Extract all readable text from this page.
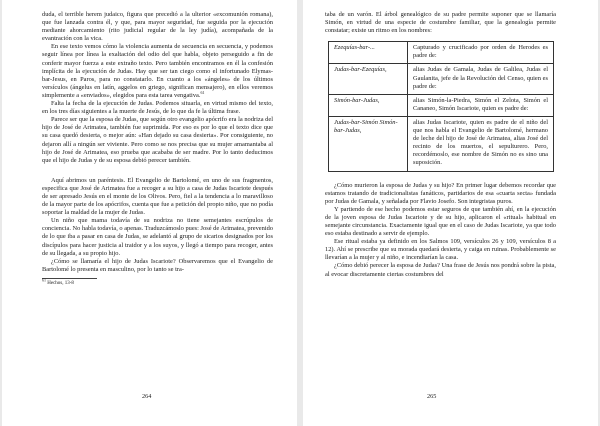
duda, el terrible herem judaico, figura que precedió a la ulterior «excomunión romana), que fue lanzada contra él, y que, para mayor seguridad, fue seguida por la ejecución mediante ahorcamiento (rito judicial regular de la ley judía), acompañada de la evantración con la vica.

En ese texto vemos cómo la violencia aumenta de secuencia en secuencia, y podemos seguir línea por línea la exaltación del odio del que habla, objeto perseguido a fin de conferir mayor fuerza a este extraño texto. Pero también encontramos en él la confesión implícita de la ejecución de Judas. Hay que ser tan ciego como el infortunado Elymas-bar-Jesus, en Paros, para no constatarlo. En cuanto a los «ángeles» de los últimos versículos (ángelus en latín, aggelos en griego, significan mensajero), en ellos veremos simplemente a «enviados», elegidos para esta tarea vengativa.$^{61}$

Falta la fecha de la ejecución de Judas. Podemos situarla, en virtud mismo del texto, en los tres días siguientes a la muerte de Jesús, de lo que da fe la última frase.

Parece ser que la esposa de Judas, que según otro evangelio apócrifo era la nodriza del hijo de José de Arimatea, también fue suprimida. Por eso es por lo que el texto dice que su casa quedó desierta, o mejor aún: «Han dejado su casa desierta». Por consiguiente, no dejaron allí a ningún ser viviente. Pero como se nos precisa que su mujer amamantaba al hijo de José de Arimatea, eso prueba que acababa de ser madre. Por lo tanto deducimos que el hijo de Judas y de su esposa debió perecer también.

Aquí abrimos un paréntesis. El Evangelio de Bartolomé, en uno de sus fragmentos, especifica que José de Arimatea fue a recoger a su hijo a casa de Judas Iscariote después de ser apresado Jesús en el monte de los Olivos. Pero, fiel a la tendencia a lo maravilloso de la mayor parte de los apócrifos, cuenta que fue a petición del propio niño, que no podía soportar la maldad de la mujer de Judas.

Un niño que mama todavía de su nodriza no tiene semejantes escrúpulos de conciencia. No habla todavía, o apenas. Traduzcámoslo pues: José de Arimatea, prevenido de lo que iba a pasar en casa de Judas, se adelantó al grupo de sicarios designados por los discípulos para hacer justicia al traidor y a los suyos, y llegó a tiempo para recoger, antes de su llegada, a su propio hijo.

¿Cómo se llamaría el hijo de Judas Iscariote? Observaremos que el Evangelio de Bartolomé lo presenta en masculino, por lo tanto se tra-

$^{61}$ Hechos, 13-8
264

taba de un varón. El árbol genealógico de su padre permite suponer que se llamaría Simón, en virtud de una especie de costumbre familiar, que la genealogía permite constatar; existe un ritmo en los nombres:

Ezequías-bar-...	Capturado y crucificado por orden de Herodes es padre de:
Judas-bar-Ezequías,	alias Judas de Gamala, Judas de Galilea, Judas el Gaulanita, jefe de la Revolución del Censo, quien es padre de:
Simón-bar-Judas,	alias Simón-la-Piedra, Simón el Zelota, Simón el Cananeo, Simón Iscariote, quien es padre de:
Judas-bar-Simón Simón-bar-Judas,	alias Judas Iscariote, quien es padre de el niño del que nos habla el Evangelio de Bartolomé, hermano de leche del hijo de José de Arimatea, alias José del recinto de los muertos, el sepulturero. Pero, recordémoslo, ese nombre de Simón no es sino una suposición.

¿Cómo murieron la esposa de Judas y su hijo? En primer lugar debemos recordar que estamos tratando de tradicionalistas fanáticos, partidarios de esa «cuarta secta» fundada por Judas de Gamala, y señalada por Flavio Josefo. Son integristas puros.

Y partiendo de ese hecho podemos estar seguros de que también ahí, en la ejecución de la joven esposa de Judas Iscariote y de su hijo, aplicaron el «ritual» habitual en semejante circunstancia. Exactamente igual que en el caso de Judas Iscariote, ya que todo eso estaba destinado a servir de ejemplo.

Ese ritual estaba ya definido en los Salmos 109, versículos 26 y 109, versículos 8 a 12). Ahí se prescribe que su morada quedará desierta, y caiga en ruinas. Probablemente se llevarían a la mujer y al niño, e incendiarían la casa.

¿Cómo debió perecer la esposa de Judas? Una frase de Jesús nos pondrá sobre la pista, al evocar discretamente ciertas costumbres del

265
